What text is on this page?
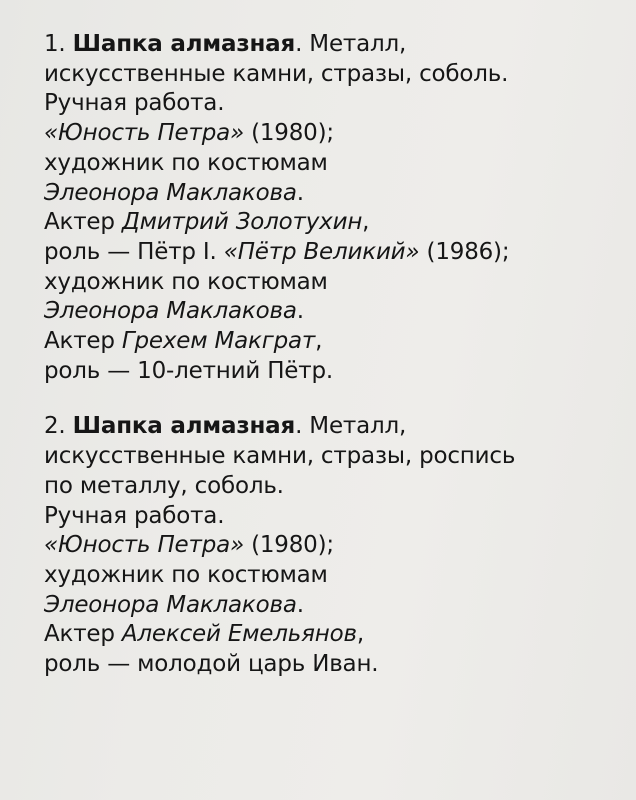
1. Шапка алмазная. Металл,
искусственные камни, стразы, соболь.
Ручная работа.
«Юность Петра» (1980);
художник по костюмам
Элеонора Маклакова.
Актер Дмитрий Золотухин,
роль — Пётр I. «Пётр Великий» (1986);
художник по костюмам
Элеонора Маклакова.
Актер Грехем Макграт,
роль — 10-летний Пётр.
2. Шапка алмазная. Металл,
искусственные камни, стразы, роспись
по металлу, соболь.
Ручная работа.
«Юность Петра» (1980);
художник по костюмам
Элеонора Маклакова.
Актер Алексей Емельянов,
роль — молодой царь Иван.
